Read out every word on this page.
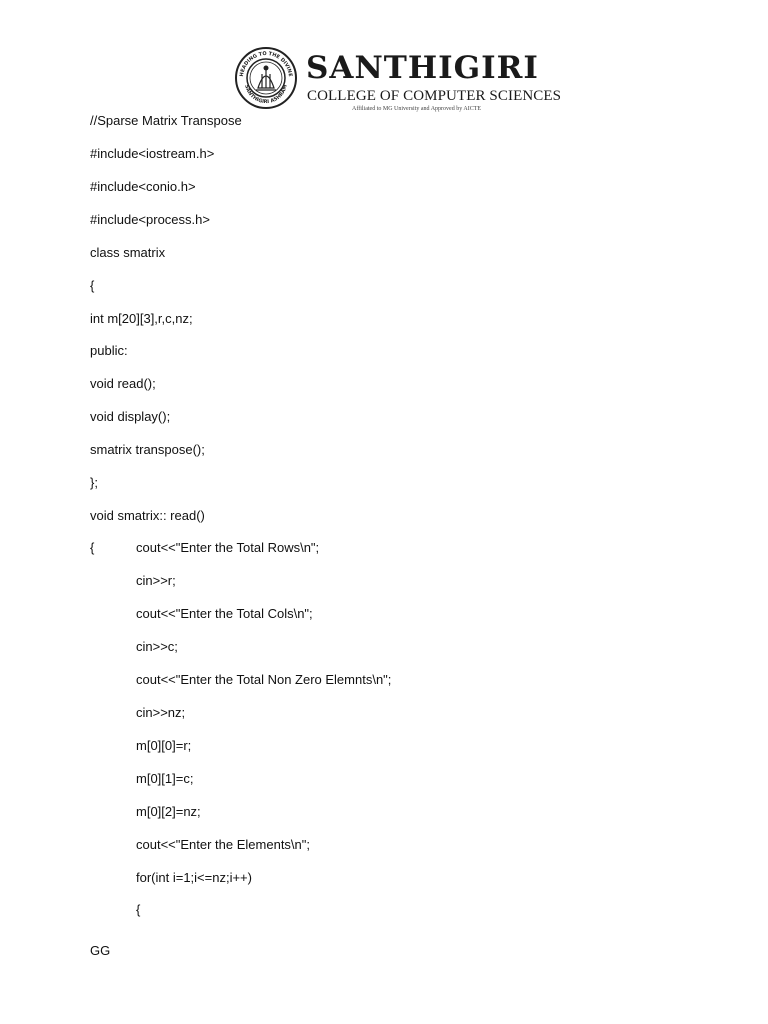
HEADING TO THE DIVINE
SANTHIGIRI ASHRAM
SANTHIGIRI
COLLEGE OF COMPUTER SCIENCES
Affiliated to MG University and Approved by AICTE
//Sparse Matrix Transpose
#include<iostream.h>
#include<conio.h>
#include<process.h>
class smatrix
{
int m[20][3],r,c,nz;
public:
void read();
void display();
smatrix transpose();
};
void smatrix:: read()
{	cout<<"Enter the Total Rows\n";
cin>>r;
cout<<"Enter the Total Cols\n";
cin>>c;
cout<<"Enter the Total Non Zero Elemnts\n";
cin>>nz;
m[0][0]=r;
m[0][1]=c;
m[0][2]=nz;
cout<<"Enter the Elements\n";
for(int i=1;i<=nz;i++)
{
GG
